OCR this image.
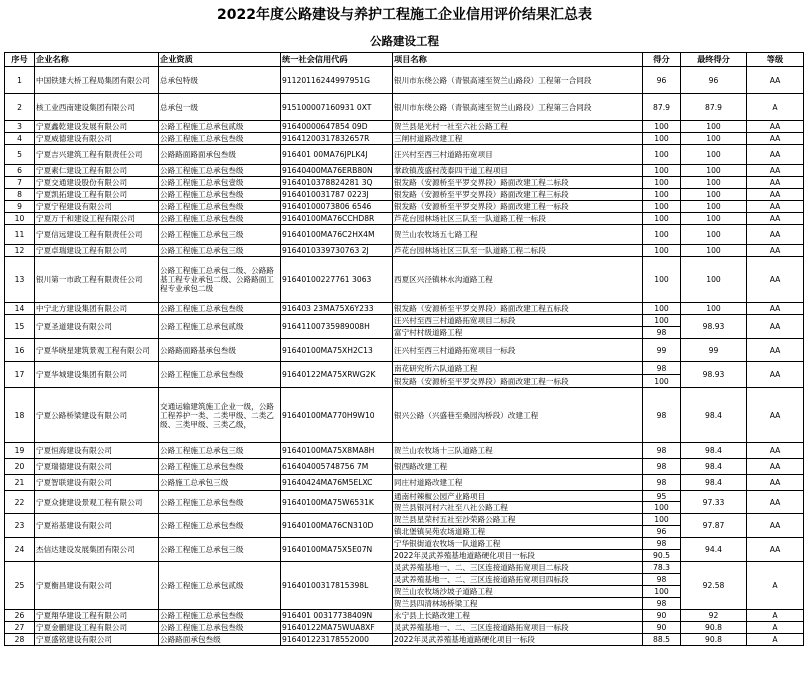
2022年度公路建设与养护工程施工企业信用评价结果汇总表
公路建设工程
序号	企业名称	企业资质	统一社会信用代码	项目名称	得分	最终得分	等级
1	中国铁建大桥工程局集团有限公司	总承包特级	91120116244997951G	银川市东绕公路（青银高速至贺兰山路段）工程第一合同段	96	96	AA
2	核工业西南建设集团有限公司	总承包一级	915100007160931 0XT	银川市东绕公路（青银高速至贺兰山路段）工程第三合同段	87.9	87.9	A
3	宁夏鑫乾建设发展有限公司	公路工程施工总承包贰级	91640000647854 09D	贺兰县是光村一社至六社公路工程	100	100	AA
4	宁夏威德建设有限公司	公路工程施工总承包叁级	91641200317832657R	三闸村道路改建工程	100	100	AA
5	宁夏吉兴建筑工程有限责任公司	公路路面路面承包叁级	916401 00MA76JPLK4J	汪兴村至西三村道路拓宽项目	100	100	AA
6	宁夏素仁建设工程有限公司	公路工程施工总承包叁级	91640400MA76ERB80N	掌政镇茂盛村茂泰四干道工程项目	100	100	AA
7	宁夏交通建设股份有限公司	公路工程施工总承包壹级	9164010378824281 3Q	银发路（安源桥至平罗交界段）路面改建工程二标段	100	100	AA
8	宁夏凯拓建设工程有限公司	公路工程施工总承包叁级	9164010031787 0223J	银发路（安源桥至平罗交界段）路面改建工程三标段	100	100	AA
9	宁夏宁程建设有限公司	公路工程施工总承包叁级	91640100073806 6546	银发路（安源桥至平罗交界段）路面改建工程一标段	100	100	AA
10	宁夏万千和建设工程有限公司	公路工程施工总承包叁级	91640100MA76CCHD8R	芦花台园林场社区三队至一队道路工程一标段	100	100	AA
11	宁夏信远建设工程有限责任公司	公路工程施工总承包三级	91640100MA76C2HX4M	贺兰山农牧场五七路工程	100	100	AA
12	宁夏卓瑞建设工程有限公司	公路工程施工总承包三级	9164010339730763 2J	芦花台园林场社区三队至一队道路工程二标段	100	100	AA
13	银川第一市政工程有限责任公司	公路工程施工总承包二级、公路路基工程专业承包二级、公路路面工程专业承包二级	91640100227761 3063	西夏区兴泾镇林水沟道路工程	100	100	AA
14	中宁北方建设集团有限公司	公路工程施工总承包叁级	916403 23MA75X6Y233	银发路（安源桥至平罗交界段）路面改建工程五标段	100	100	AA
15	宁夏圣道建设有限公司	公路工程施工总承包贰级	91641100735989008H	汪兴村至西三村道路拓宽项目二标段	100	98.93	AA
				富宁村村级道路工程	98		
16	宁夏华晓星建筑景观工程有限公司	公路路面路基承包叁级	91640100MA75XH2C13	汪兴村至西三村道路拓宽项目一标段	99	99	AA
17	宁夏华城建设集团有限公司	公路工程施工总承包叁级	91640122MA75XRWG2K	南花研究所六队道路工程	98	98.93	AA
				银发路（安源桥至平罗交界段）路面改建工程一标段	100		
18	宁夏公路桥梁建设有限公司	交通运输建筑施工企业一级，公路工程养护一类、二类甲级、二类乙级、三类甲级、三类乙级，	91640100MA770H9W10	银兴公路（兴盛巷至桑园沟桥段）改建工程	98	98.4	AA
19	宁夏恒海建设有限公司	公路工程施工总承包三级	91640100MA75X8MA8H	贺兰山农牧场十三队道路工程	98	98.4	AA
20	宁夏瑞德建设有限公司	公路工程施工总承包叁级	616404005748756 7M	银西路改建工程	98	98.4	AA
21	宁夏智联建设有限公司	公路施工总承包三级	91640424MA76M5ELXC	同庄村道路改建工程	98	98.4	AA
22	宁夏众捷建设景观工程有限公司	公路工程施工总承包叁级	91640100MA75W6531K	通南村辣椒公园产业路项目	95	97.33	AA
				贺兰县银河村六社至八社公路工程	100		
23	宁夏裕基建设有限公司	公路工程施工总承包叁级	91640100MA76CN310D	贺兰县星荣村五社至沙荣路公路工程	100	97.87	AA
				镇北堡镇吴苑农场道路工程	96		
24	杰信达建设发展集团有限公司	公路工程施工总承包三级	91640100MA75X5E07N	宁华银街道农牧场一队道路工程	98	94.4	AA
				2022年灵武养殖基地道路硬化项目一标段	90.5		
25	宁夏衡昌建设有限公司	公路工程施工总承包贰级	91640100317815398L	灵武养殖基地一、二、三区连接道路拓宽项目二标段	78.3	92.58	A
				灵武养殖基地一、二、三区连接道路拓宽项目四标段	98		
				贺兰山农牧场沙坡子道路工程	100		
				贺兰县四清林场桥梁工程	98		
26	宁夏翔华建设工程有限公司	公路工程施工总承包叁级	916401 00317738409N	永宁县上长路改建工程	90	92	A
27	宁夏金鹏建设工程有限公司	公路工程施工总承包叁级	91640122MA75WUA8XF	灵武养殖基地一、二、三区连接道路拓宽项目一标段	90	90.8	A
28	宁夏盛铭建设有限公司	公路路面承包叁级	916401223178552000	2022年灵武养殖基地道路硬化项目一标段	88.5	90.8	A
